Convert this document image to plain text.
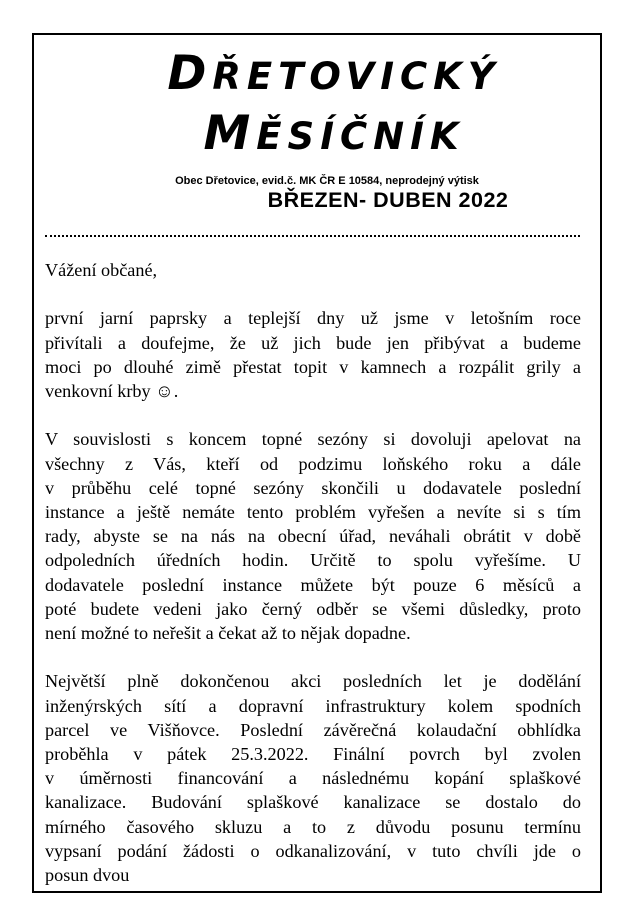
DŘETOVICKÝ
MĚSÍČNÍK
Obec Dřetovice, evid.č. MK ČR E 10584, neprodejný výtisk
BŘEZEN- DUBEN 2022
Vážení občané,
první jarní paprsky a teplejší dny už jsme v letošním roce
přivítali a doufejme, že už jich bude jen přibývat a budeme
moci po dlouhé zimě přestat topit v kamnech a rozpálit grily a
venkovní krby ☺.
V souvislosti s koncem topné sezóny si dovoluji apelovat na
všechny z Vás, kteří od podzimu loňského roku a dále
v průběhu celé topné sezóny skončili u dodavatele poslední
instance a ještě nemáte tento problém vyřešen a nevíte si s tím
rady, abyste se na nás na obecní úřad, neváhali obrátit v době
odpoledních úředních hodin. Určitě to spolu vyřešíme. U
dodavatele poslední instance můžete být pouze 6 měsíců a
poté budete vedeni jako černý odběr se všemi důsledky, proto
není možné to neřešit a čekat až to nějak dopadne.
Největší plně dokončenou akci posledních let je dodělání
inženýrských sítí a dopravní infrastruktury kolem spodních
parcel ve Višňovce. Poslední závěrečná kolaudační obhlídka
proběhla v pátek 25.3.2022. Finální povrch byl zvolen
v úměrnosti financování a následnému kopání splaškové
kanalizace. Budování splaškové kanalizace se dostalo do
mírného časového skluzu a to z důvodu posunu termínu
vypsaní podání žádosti o odkanalizování, v tuto chvíli jde o
posun dvou
